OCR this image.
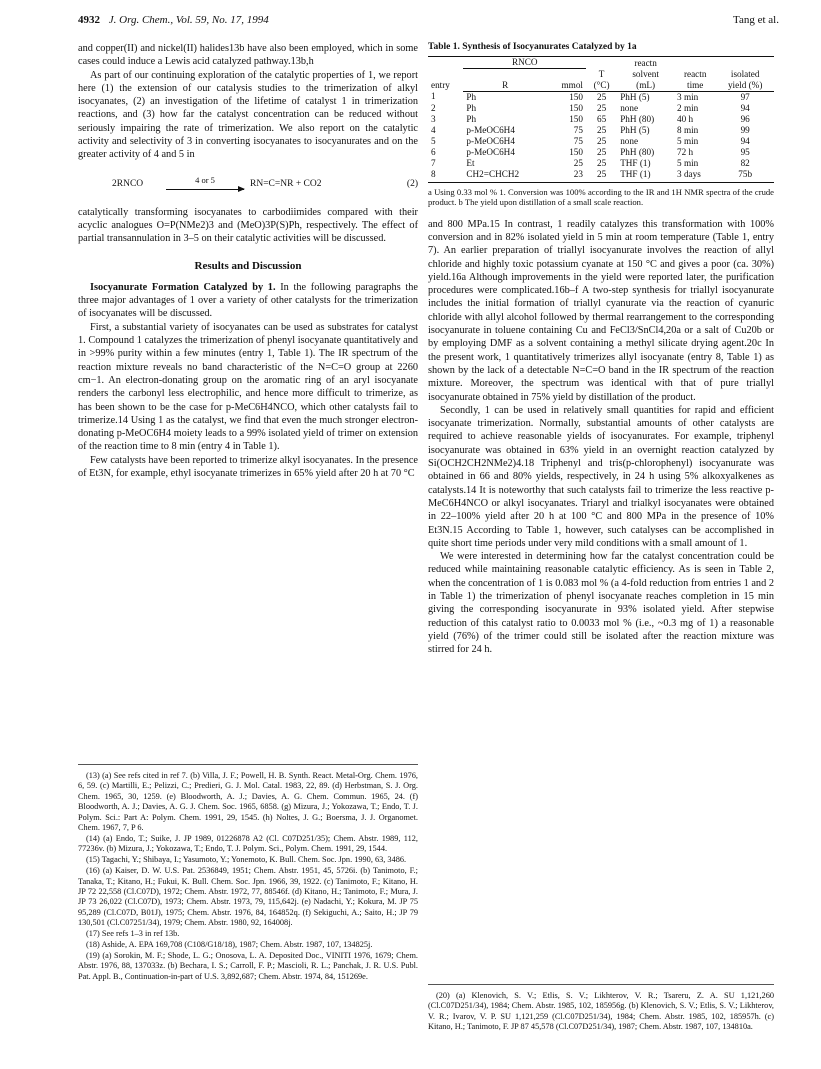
4932 J. Org. Chem., Vol. 59, No. 17, 1994	Tang et al.

and copper(II) and nickel(II) halides13b have also been employed, which in some cases could induce a Lewis acid catalyzed pathway.13b,h

As part of our continuing exploration of the catalytic properties of 1, we report here (1) the extension of our catalysis studies to the trimerization of alkyl isocyanates, (2) an investigation of the lifetime of catalyst 1 in trimerization reactions, and (3) how far the catalyst concentration can be reduced without seriously impairing the rate of trimerization. We also report on the catalytic activity and selectivity of 3 in converting isocyanates to isocyanurates and on the greater activity of 4 and 5 in

2RNCO	4 or 5	RN=C=NR + CO2	(2)

catalytically transforming isocyanates to carbodiimides compared with their acyclic analogues O=P(NMe2)3 and (MeO)3P(S)Ph, respectively. The effect of partial transannulation in 3–5 on their catalytic activities will be discussed.

Results and Discussion

Isocyanurate Formation Catalyzed by 1. In the following paragraphs the three major advantages of 1 over a variety of other catalysts for the trimerization of isocyanates will be discussed.

First, a substantial variety of isocyanates can be used as substrates for catalyst 1. Compound 1 catalyzes the trimerization of phenyl isocyanate quantitatively and in >99% purity within a few minutes (entry 1, Table 1). The IR spectrum of the reaction mixture reveals no band characteristic of the N=C=O group at 2260 cm−1. An electron-donating group on the aromatic ring of an aryl isocyanate renders the carbonyl less electrophilic, and hence more difficult to trimerize, as has been shown to be the case for p-MeC6H4NCO, which other catalysts fail to trimerize.14 Using 1 as the catalyst, we find that even the much stronger electron-donating p-MeOC6H4 moiety leads to a 99% isolated yield of trimer on extension of the reaction time to 8 min (entry 4 in Table 1).

Few catalysts have been reported to trimerize alkyl isocyanates. In the presence of Et3N, for example, ethyl isocyanate trimerizes in 65% yield after 20 h at 70 °C

(13) (a) See refs cited in ref 7. (b) Villa, J. F.; Powell, H. B. Synth. React. Metal-Org. Chem. 1976, 6, 59. (c) Martilli, E.; Pelizzi, C.; Predieri, G. J. Mol. Catal. 1983, 22, 89. (d) Herbstman, S. J. Org. Chem. 1965, 30, 1259. (e) Bloodworth, A. J.; Davies, A. G. Chem. Commun. 1965, 24. (f) Bloodworth, A. J.; Davies, A. G. J. Chem. Soc. 1965, 6858. (g) Mizura, J.; Yokozawa, T.; Endo, T. J. Polym. Sci.: Part A: Polym. Chem. 1991, 29, 1545. (h) Noltes, J. G.; Boersma, J. J. Organomet. Chem. 1967, 7, P 6.

(14) (a) Endo, T.; Suike, J. JP 1989, 01226878 A2 (Cl. C07D251/35); Chem. Abstr. 1989, 112, 77236v. (b) Mizura, J.; Yokozawa, T.; Endo, T. J. Polym. Sci., Polym. Chem. 1991, 29, 1544.

(15) Tagachi, Y.; Shibaya, I.; Yasumoto, Y.; Yonemoto, K. Bull. Chem. Soc. Jpn. 1990, 63, 3486.

(16) (a) Kaiser, D. W. U.S. Pat. 2536849, 1951; Chem. Abstr. 1951, 45, 5726i. (b) Tanimoto, F.; Tanaka, T.; Kitano, H.; Fukui, K. Bull. Chem. Soc. Jpn. 1966, 39, 1922. (c) Tanimoto, F.; Kitano, H. JP 72 22,558 (Cl.C07D), 1972; Chem. Abstr. 1972, 77, 88546f. (d) Kitano, H.; Tanimoto, F.; Mura, J. JP 73 26,022 (Cl.C07D), 1973; Chem. Abstr. 1973, 79, 115,642j. (e) Nadachi, Y.; Kokura, M. JP 75 95,289 (Cl.C07D, B01J), 1975; Chem. Abstr. 1976, 84, 164852q. (f) Sekiguchi, A.; Saito, H.; JP 79 130,501 (Cl.C07251/34), 1979; Chem. Abstr. 1980, 92, 164008j.

(17) See refs 1–3 in ref 13b.

(18) Ashide, A. EPA 169,708 (C108/G18/18), 1987; Chem. Abstr. 1987, 107, 134825j.

(19) (a) Sorokin, M. F.; Shode, L. G.; Onosova, L. A. Deposited Doc., VINITI 1976, 1679; Chem. Abstr. 1976, 88, 137033z. (b) Bechara, I. S.; Carroll, F. P.; Mascioli, R. L.; Panchak, J. R. U.S. Publ. Pat. Appl. B., Continuation-in-part of U.S. 3,892,687; Chem. Abstr. 1974, 84, 151269e.

Table 1. Synthesis of Isocyanurates Catalyzed by 1a
entry	RNCO			reactn		
			T	solvent	reactn	isolated
	R	mmol	(°C)	(mL)	time	yield (%)
1	Ph	150	25	PhH (5)	3 min	97
2	Ph	150	25	none	2 min	94
3	Ph	150	65	PhH (80)	40 h	96
4	p-MeOC6H4	75	25	PhH (5)	8 min	99
5	p-MeOC6H4	75	25	none	5 min	94
6	p-MeOC6H4	150	25	PhH (80)	72 h	95
7	Et	25	25	THF (1)	5 min	82
8	CH2=CHCH2	23	25	THF (1)	3 days	75b
a Using 0.33 mol % 1. Conversion was 100% according to the IR and 1H NMR spectra of the crude product. b The yield upon distillation of a small scale reaction.

and 800 MPa.15 In contrast, 1 readily catalyzes this transformation with 100% conversion and in 82% isolated yield in 5 min at room temperature (Table 1, entry 7). An earlier preparation of triallyl isocyanurate involves the reaction of allyl chloride and highly toxic potassium cyanate at 150 °C and gives a poor (ca. 30%) yield.16a Although improvements in the yield were reported later, the purification procedures were complicated.16b–f A two-step synthesis for triallyl isocyanurate includes the initial formation of triallyl cyanurate via the reaction of cyanuric chloride with allyl alcohol followed by thermal rearrangement to the corresponding isocyanurate in toluene containing Cu and FeCl3/SnCl4,20a or a salt of Cu20b or by employing DMF as a solvent containing a methyl silicate drying agent.20c In the present work, 1 quantitatively trimerizes allyl isocyanate (entry 8, Table 1) as shown by the lack of a detectable N=C=O band in the IR spectrum of the reaction mixture. Moreover, the spectrum was identical with that of pure triallyl isocyanurate obtained in 75% yield by distillation of the product.

Secondly, 1 can be used in relatively small quantities for rapid and efficient isocyanate trimerization. Normally, substantial amounts of other catalysts are required to achieve reasonable yields of isocyanurates. For example, triphenyl isocyanurate was obtained in 63% yield in an overnight reaction catalyzed by Si(OCH2CH2NMe2)4.18 Triphenyl and tris(p-chlorophenyl) isocyanurate was obtained in 66 and 80% yields, respectively, in 24 h using 5% alkoxyalkenes as catalysts.14 It is noteworthy that such catalysts fail to trimerize the less reactive p-MeC6H4NCO or alkyl isocyanates. Triaryl and trialkyl isocyanates were obtained in 22–100% yield after 20 h at 100 °C and 800 MPa in the presence of 10% Et3N.15 According to Table 1, however, such catalyses can be accomplished in quite short time periods under very mild conditions with a small amount of 1.

We were interested in determining how far the catalyst concentration could be reduced while maintaining reasonable catalytic efficiency. As is seen in Table 2, when the concentration of 1 is 0.083 mol % (a 4-fold reduction from entries 1 and 2 in Table 1) the trimerization of phenyl isocyanate reaches completion in 15 min giving the corresponding isocyanurate in 93% isolated yield. After stepwise reduction of this catalyst ratio to 0.0033 mol % (i.e., ~0.3 mg of 1) a reasonable yield (76%) of the trimer could still be isolated after the reaction mixture was stirred for 24 h.

(20) (a) Klenovich, S. V.; Etlis, S. V.; Likhterov, V. R.; Tsareru, Z. A. SU 1,121,260 (Cl.C07D251/34), 1984; Chem. Abstr. 1985, 102, 185956g. (b) Klenovich, S. V.; Etlis, S. V.; Likhterov, V. R.; Ivarov, V. P. SU 1,121,259 (Cl.C07D251/34), 1984; Chem. Abstr. 1985, 102, 185957h. (c) Kitano, H.; Tanimoto, F. JP 87 45,578 (Cl.C07D251/34), 1987; Chem. Abstr. 1987, 107, 134810a.
